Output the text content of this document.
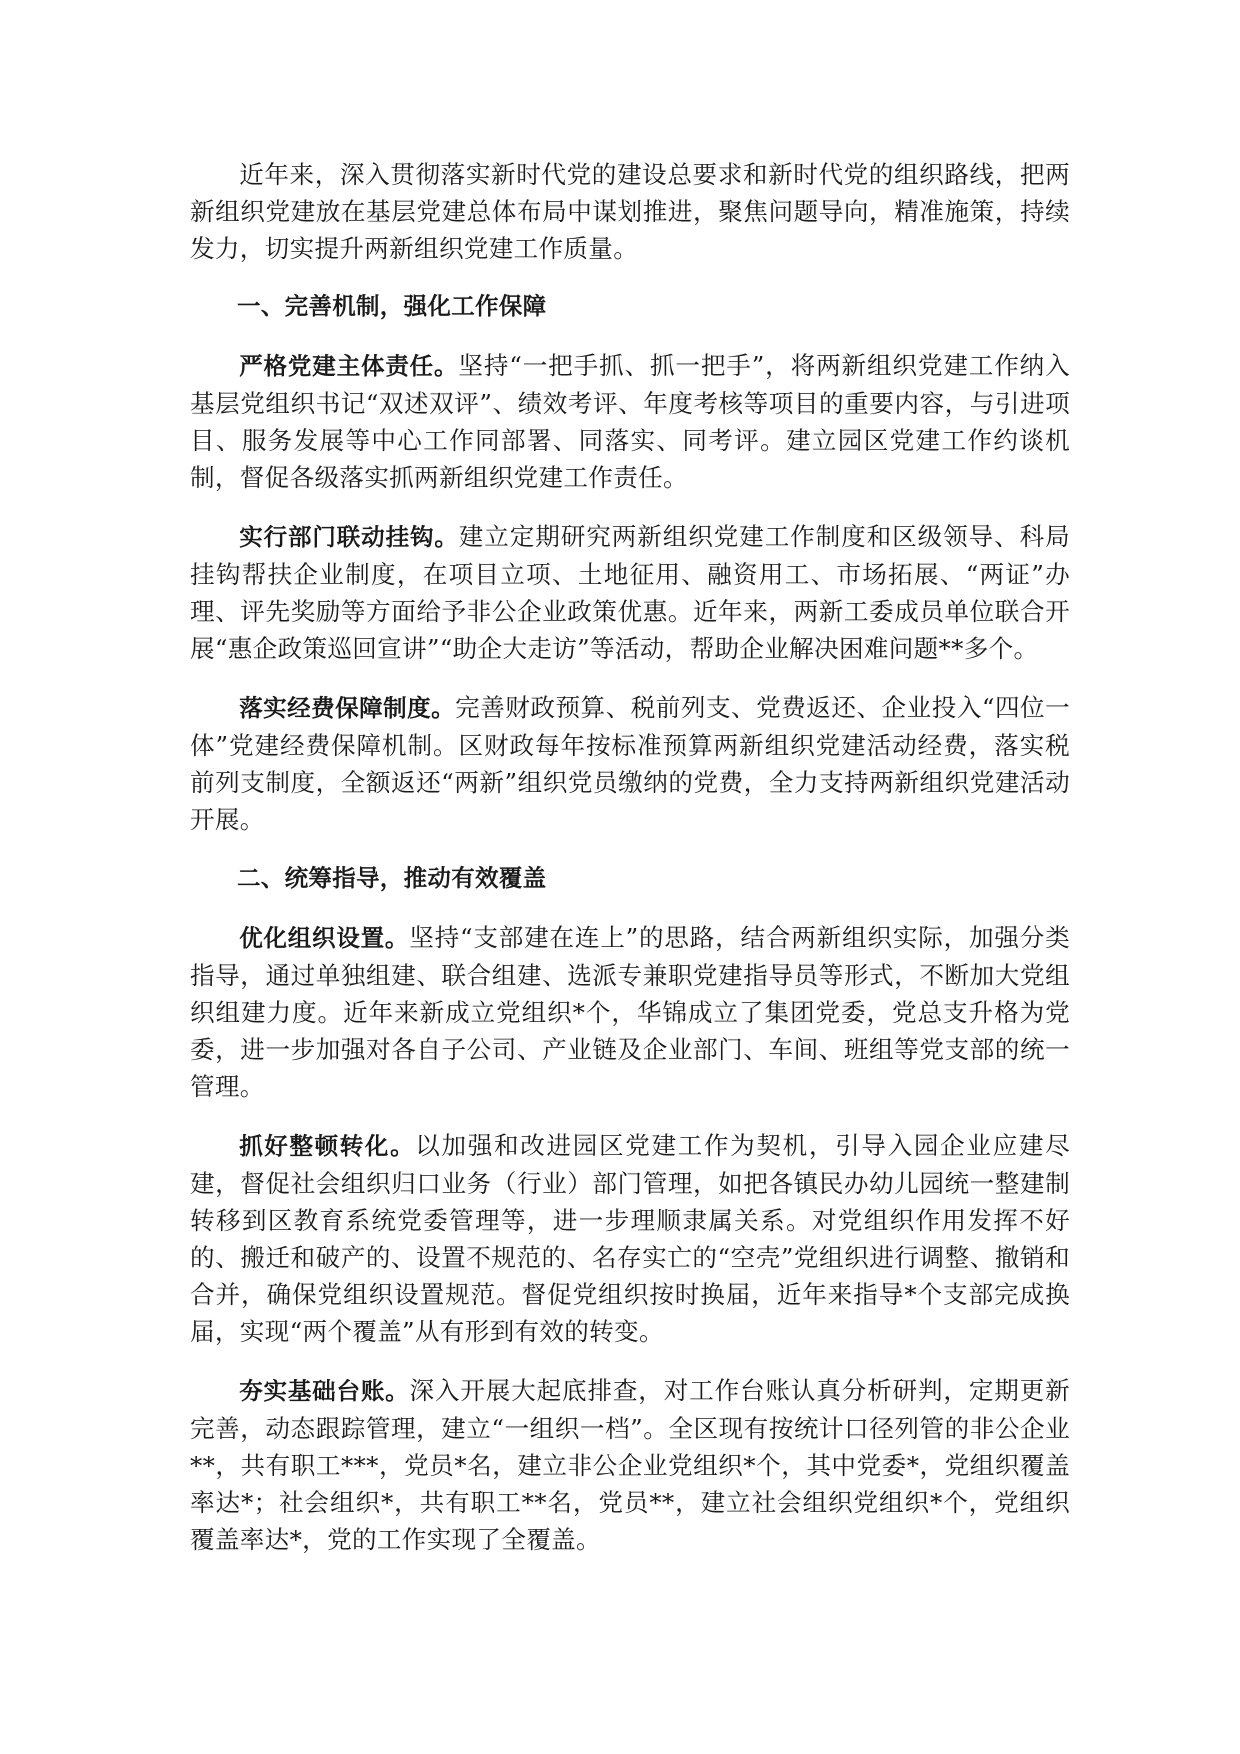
近年来，深入贯彻落实新时代党的建设总要求和新时代党的组织路线，把两新组织党建放在基层党建总体布局中谋划推进，聚焦问题导向，精准施策，持续发力，切实提升两新组织党建工作质量。

一、完善机制，强化工作保障

严格党建主体责任。坚持“一把手抓、抓一把手”，将两新组织党建工作纳入基层党组织书记“双述双评”、绩效考评、年度考核等项目的重要内容，与引进项目、服务发展等中心工作同部署、同落实、同考评。建立园区党建工作约谈机制，督促各级落实抓两新组织党建工作责任。

实行部门联动挂钩。建立定期研究两新组织党建工作制度和区级领导、科局挂钩帮扶企业制度，在项目立项、土地征用、融资用工、市场拓展、“两证”办理、评先奖励等方面给予非公企业政策优惠。近年来，两新工委成员单位联合开展“惠企政策巡回宣讲”“助企大走访”等活动，帮助企业解决困难问题**多个。

落实经费保障制度。完善财政预算、税前列支、党费返还、企业投入“四位一体”党建经费保障机制。区财政每年按标准预算两新组织党建活动经费，落实税前列支制度，全额返还“两新”组织党员缴纳的党费，全力支持两新组织党建活动开展。

二、统筹指导，推动有效覆盖

优化组织设置。坚持“支部建在连上”的思路，结合两新组织实际，加强分类指导，通过单独组建、联合组建、选派专兼职党建指导员等形式，不断加大党组织组建力度。近年来新成立党组织*个，华锦成立了集团党委，党总支升格为党委，进一步加强对各自子公司、产业链及企业部门、车间、班组等党支部的统一管理。

抓好整顿转化。以加强和改进园区党建工作为契机，引导入园企业应建尽建，督促社会组织归口业务（行业）部门管理，如把各镇民办幼儿园统一整建制转移到区教育系统党委管理等，进一步理顺隶属关系。对党组织作用发挥不好的、搬迁和破产的、设置不规范的、名存实亡的“空壳”党组织进行调整、撤销和合并，确保党组织设置规范。督促党组织按时换届，近年来指导*个支部完成换届，实现“两个覆盖”从有形到有效的转变。

夯实基础台账。深入开展大起底排查，对工作台账认真分析研判，定期更新完善，动态跟踪管理，建立“一组织一档”。全区现有按统计口径列管的非公企业**，共有职工***，党员*名，建立非公企业党组织*个，其中党委*，党组织覆盖率达*；社会组织*，共有职工**名，党员**，建立社会组织党组织*个，党组织覆盖率达*，党的工作实现了全覆盖。
